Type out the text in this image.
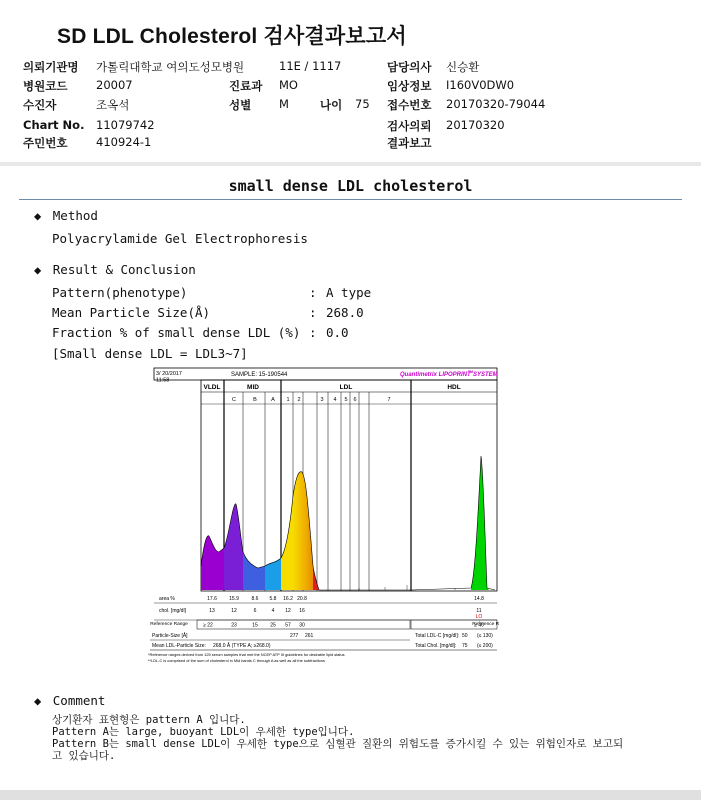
SD LDL Cholesterol 검사결과보고서
의뢰기관명 가톨릭대학교 여의도성모병원	11E / 1117	담당의사 신승환
병원코드 20007	진료과 MO	임상정보 I160V0DW0
수진자	조옥석	성별 M	나이 75 접수번호 20170320-79044
Chart No. 11079742	검사의뢰 20170320
주민번호 410924-1	결과보고
small dense LDL cholesterol
◆ Method
Polyacrylamide Gel Electrophoresis
◆ Result & Conclusion
Pattern(phenotype)	: A type
Mean Particle Size(Å)	: 268.0
Fraction % of small dense LDL (%) : 0.0
[Small dense LDL = LDL3~7]
3/ 20/2017
11:58
SAMPLE: 15-190544	Quantimetrix LIPOPRINT
TM SYSTEM
VLDL	MID	LDL	HDL
C	B	A 1 2	3 4 5 6	7
area %	17.6 15.9	8.6 5.8 16.2 20.8	14.8
chol. [mg/dl]	13	12	6	4 12 16	11
LO
Reference Range	≥ 22	23	15 25 57 30	≥ 40
Reference R
Particle-Size [Å]	277 261	Total LDL-C [mg/dl]: 50 (≤ 130)
Mean LDL-Particle Size: 268.0 Å (TYPE A; ≥268.0)	Total Chol. [mg/dl]: 75 (≤ 200)
*Reference ranges derived from 125 serum samples that met the NCEP ATP III guidelines for desirable lipid status
**LDL-C is comprised of the sum of cholesterol in Mid bands C through A as well as all the subfractions
◆ Comment
상기환자 표현형은 pattern A 입니다.
Pattern A는 large, buoyant LDL이 우세한 type입니다.
Pattern B는 small dense LDL이 우세한 type으로 심혈관 질환의 위험도를 증가시킬 수 있는 위험인자로 보고되
고 있습니다.
